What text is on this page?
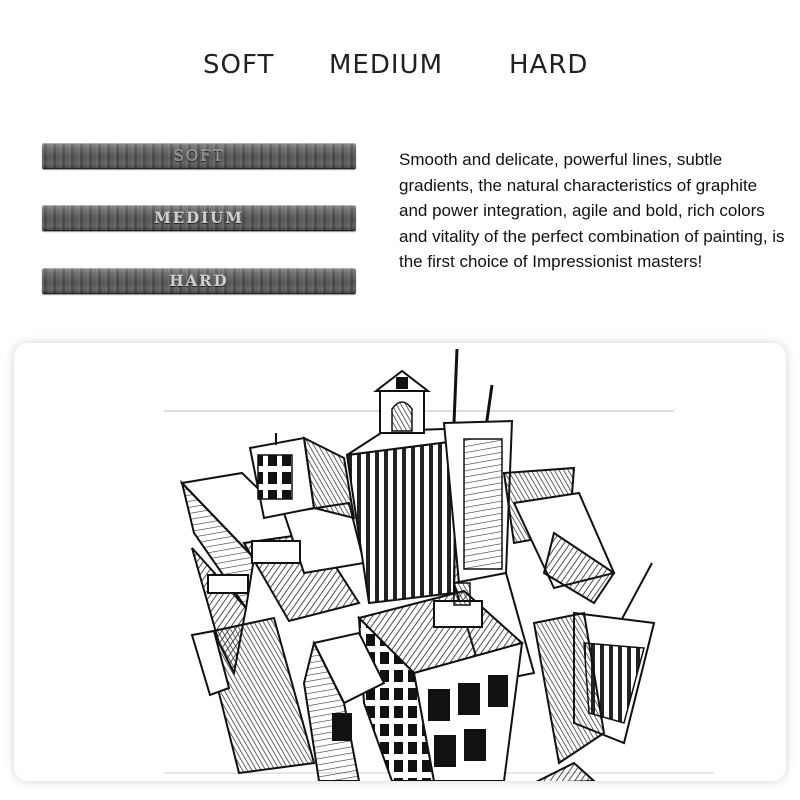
SOFT MEDIUM	HARD
SOFT
MEDIUM
HARD

Smooth and delicate, powerful lines, subtle gradients, the natural characteristics of graphite and power integration, agile and bold, rich colors and vitality of the perfect combination of painting, is the first choice of Impressionist masters!
